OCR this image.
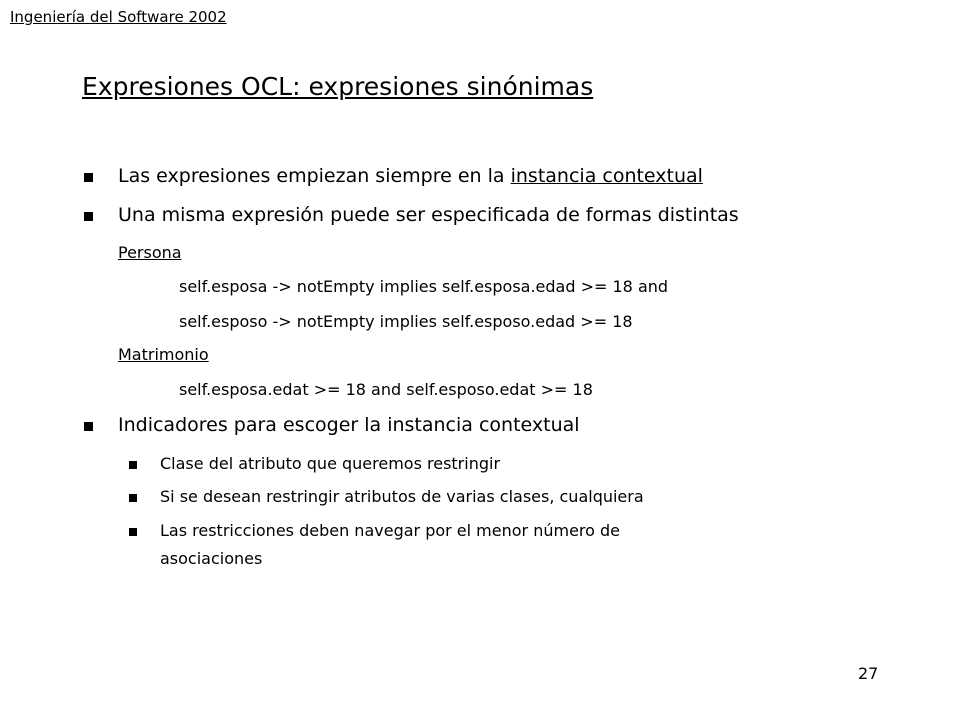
Ingeniería del Software 2002
Expresiones OCL: expresiones sinónimas
Las expresiones empiezan siempre en la instancia contextual
Una misma expresión puede ser especificada de formas distintas
Persona
self.esposa -> notEmpty implies self.esposa.edad >= 18 and
self.esposo -> notEmpty implies self.esposo.edad >= 18
Matrimonio
self.esposa.edat >= 18 and self.esposo.edat >= 18
Indicadores para escoger la instancia contextual
Clase del atributo que queremos restringir
Si se desean restringir atributos de varias clases, cualquiera
Las restricciones deben navegar por el menor número de
asociaciones
27
